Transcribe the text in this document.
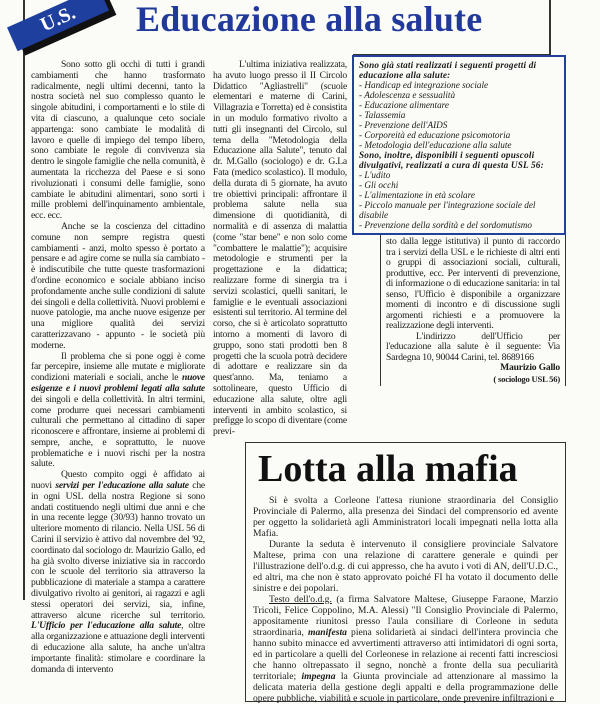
U.S.	Educazione alla salute

Sono sotto gli occhi di tutti i grandi cambiamenti che hanno trasformato radicalmente, negli ultimi decenni, tanto la nostra società nel suo complesso quanto le singole abitudini, i comportamenti e lo stile di vita di ciascuno, a qualunque ceto sociale appartenga: sono cambiate le modalità di lavoro e quelle di impiego del tempo libero, sono cambiate le regole di convivenza sia dentro le singole famiglie che nella comunità, è aumentata la ricchezza del Paese e si sono rivoluzionati i consumi delle famiglie, sono cambiate le abitudini alimentari, sono sorti i mille problemi dell'inquinamento ambientale, ecc. ecc.

Anche se la coscienza del cittadino comune non sempre registra questi cambiamenti - anzi, molto spesso è portato a pensare e ad agire come se nulla sia cambiato - è indiscutibile che tutte queste trasformazioni d'ordine economico e sociale abbiano inciso profondamente anche sulle condizioni di salute dei singoli e della collettività. Nuovi problemi e nuove patologie, ma anche nuove esigenze per una migliore qualità dei servizi caratterizzavano - appunto - le società più moderne.

Il problema che si pone oggi è come far percepire, insieme alle mutate e migliorate condizioni materiali e sociali, anche le nuove esigenze e i nuovi problemi legati alla salute dei singoli e della collettività. In altri termini, come produrre quei necessari cambiamenti culturali che permettano al cittadino di saper riconoscere e affrontare, insieme ai problemi di sempre, anche, e soprattutto, le nuove problematiche e i nuovi rischi per la nostra salute.

Questo compito oggi è affidato ai nuovi servizi per l'educazione alla salute che in ogni USL della nostra Regione si sono andati costituendo negli ultimi due anni e che in una recente legge (30/93) hanno trovato un ulteriore momento di rilancio. Nella USL 56 di Carini il servizio è attivo dal novembre del '92, coordinato dal sociologo dr. Maurizio Gallo, ed ha già svolto diverse iniziative sia in raccordo con le scuole del territorio sia attraverso la pubblicazione di materiale a stampa a carattere divulgativo rivolto ai genitori, ai ragazzi e agli stessi operatori dei servizi, sia, infine, attraverso alcune ricerche sul territorio. L'Ufficio per l'educazione alla salute, oltre alla organizzazione e attuazione degli interventi di educazione alla salute, ha anche un'altra importante finalità: stimolare e coordinare la domanda di intervento

L'ultima iniziativa realizzata, ha avuto luogo presso il II Circolo Didattico "Agliastrelli" (scuole elementari e materne di Carini, Villagrazia e Torretta) ed è consistita in un modulo formativo rivolto a tutti gli insegnanti del Circolo, sul tema della "Metodologia della Educazione alla Salute", tenuto dal dr. M.Gallo (sociologo) e dr. G.La Fata (medico scolastico). Il modulo, della durata di 5 giornate, ha avuto tre obiettivi principali: affrontare il problema salute nella sua dimensione di quotidianità, di normalità e di assenza di malattia (come "star bene" e non solo come "combattere le malattie"); acquisire metodologie e strumenti per la progettazione e la didattica; realizzare forme di sinergia tra i servizi scolastici, quelli sanitari, le famiglie e le eventuali associazioni esistenti sul territorio. Al termine del corso, che si è articolato soprattutto intorno a momenti di lavoro di gruppo, sono stati prodotti ben 8 progetti che la scuola potrà decidere di adottare e realizzare sin da quest'anno. Ma, teniamo a sottolineare, questo Ufficio di educazione alla salute, oltre agli interventi in ambito scolastico, si prefigge lo scopo di diventare (come previ-

Sono già stati realizzati i seguenti progetti di educazione alla salute:
- Handicap ed integrazione sociale
- Adolescenza e sessualità
- Educazione alimentare
- Talassemia
- Prevenzione dell'AIDS
- Corporeità ed educazione psicomotoria
- Metodologia dell'educazione alla salute
Sono, inoltre, disponibili i seguenti opuscoli divulgativi, realizzati a cura di questa USL 56:
- L'udito
- Gli occhi
- L'alimentazione in età scolare
- Piccolo manuale per l'integrazione sociale del disabile
- Prevenzione della sordità e del sordomutismo

sto dalla legge istitutiva) il punto di raccordo tra i servizi della USL e le richieste di altri enti o gruppi di associazioni sociali, culturali, produttive, ecc. Per interventi di prevenzione, di informazione o di educazione sanitaria: in tal senso, l'Ufficio è disponibile a organizzare momenti di incontro e di discussione sugli argomenti richiesti e a promuovere la realizzazione degli interventi.

L'indirizzo dell'Ufficio per l'educazione alla salute è il seguente: Via Sardegna 10, 90044 Carini, tel. 8689166

Maurizio Gallo
( sociologo USL 56)
Lotta alla mafia

Si è svolta a Corleone l'attesa riunione straordinaria del Consiglio Provinciale di Palermo, alla presenza dei Sindaci del comprensorio ed avente per oggetto la solidarietà agli Amministratori locali impegnati nella lotta alla Mafia.

Durante la seduta è intervenuto il consigliere provinciale Salvatore Maltese, prima con una relazione di carattere generale e quindi per l'illustrazione dell'o.d.g. di cui appresso, che ha avuto i voti di AN, dell'U.D.C., ed altri, ma che non è stato approvato poiché FI ha votato il documento delle sinistre e dei popolari.

Testo dell'o.d.g. (a firma Salvatore Maltese, Giuseppe Faraone, Marzio Tricoli, Felice Coppolino, M.A. Alessi) "Il Consiglio Provinciale di Palermo, appositamente riunitosi presso l'aula consiliare di Corleone in seduta straordinaria, manifesta piena solidarietà ai sindaci dell'intera provincia che hanno subito minacce ed avvertimenti attraverso atti intimidatori di ogni sorta, ed in particolare a quelli del Corleonese in relazione ai recenti fatti incresciosi che hanno oltrepassato il segno, nonchè a fronte della sua peculiarità territoriale; impegna la Giunta provinciale ad attenzionare al massimo la delicata materia della gestione degli appalti e della programmazione delle opere pubbliche, viabilità e scuole in particolare, onde prevenire infiltrazioni e
